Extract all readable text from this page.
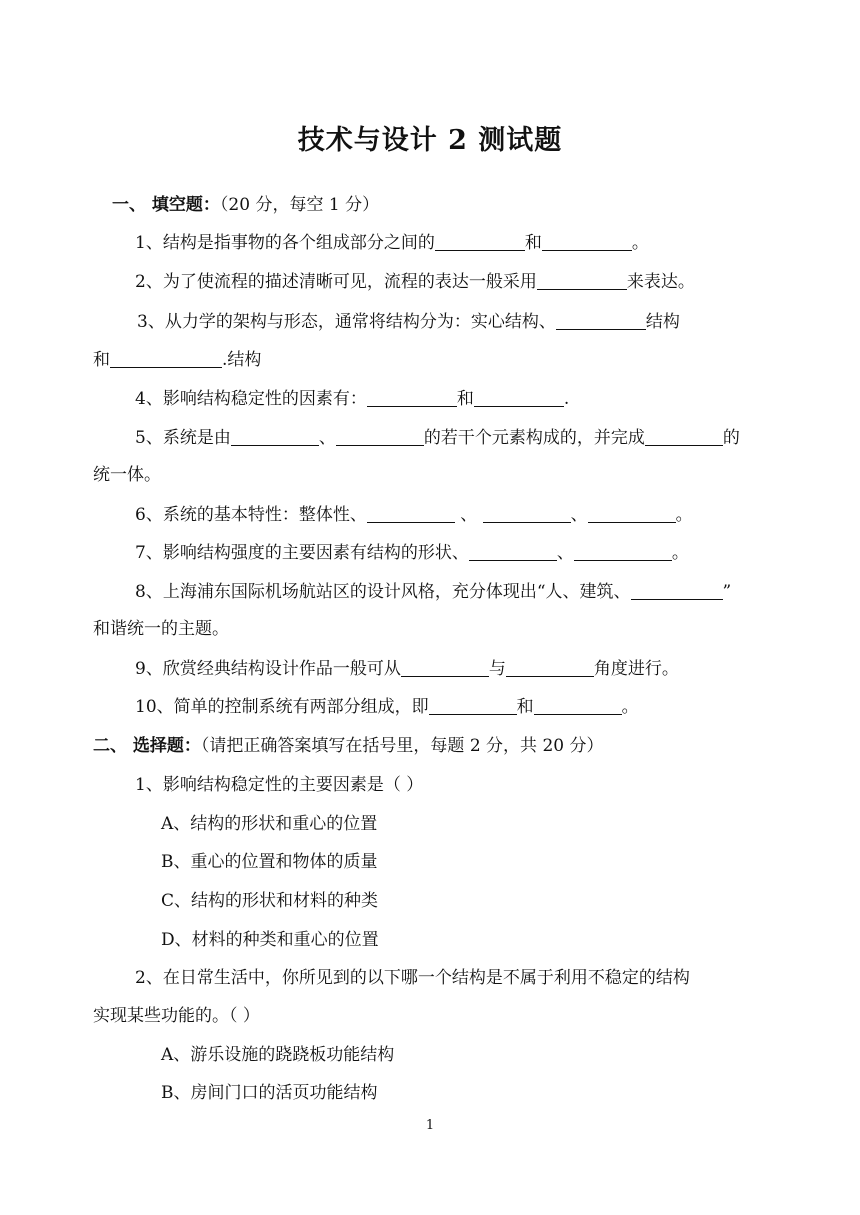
技术与设计 2 测试题
一、 填空题：（20 分，每空 1 分）
1、结构是指事物的各个组成部分之间的	和	。
2、为了使流程的描述清晰可见，流程的表达一般采用	来表达。
3、从力学的架构与形态，通常将结构分为：实心结构、	结构
和	.结构
4、影响结构稳定性的因素有：	和	.
5、系统是由	、	的若干个元素构成的，并完成	的
统一体。
6、系统的基本特性：整体性、	、	、	。
7、影响结构强度的主要因素有结构的形状、	、	。
8、上海浦东国际机场航站区的设计风格，充分体现出“人、建筑、	”
和谐统一的主题。
9、欣赏经典结构设计作品一般可从	与	角度进行。
10、简单的控制系统有两部分组成，即	和	。
二、 选择题：（请把正确答案填写在括号里，每题 2 分，共 20 分）
1、影响结构稳定性的主要因素是（ ）
A、结构的形状和重心的位置
B、重心的位置和物体的质量
C、结构的形状和材料的种类
D、材料的种类和重心的位置
2、在日常生活中，你所见到的以下哪一个结构是不属于利用不稳定的结构
实现某些功能的。（ ）
A、游乐设施的跷跷板功能结构
B、房间门口的活页功能结构
1
